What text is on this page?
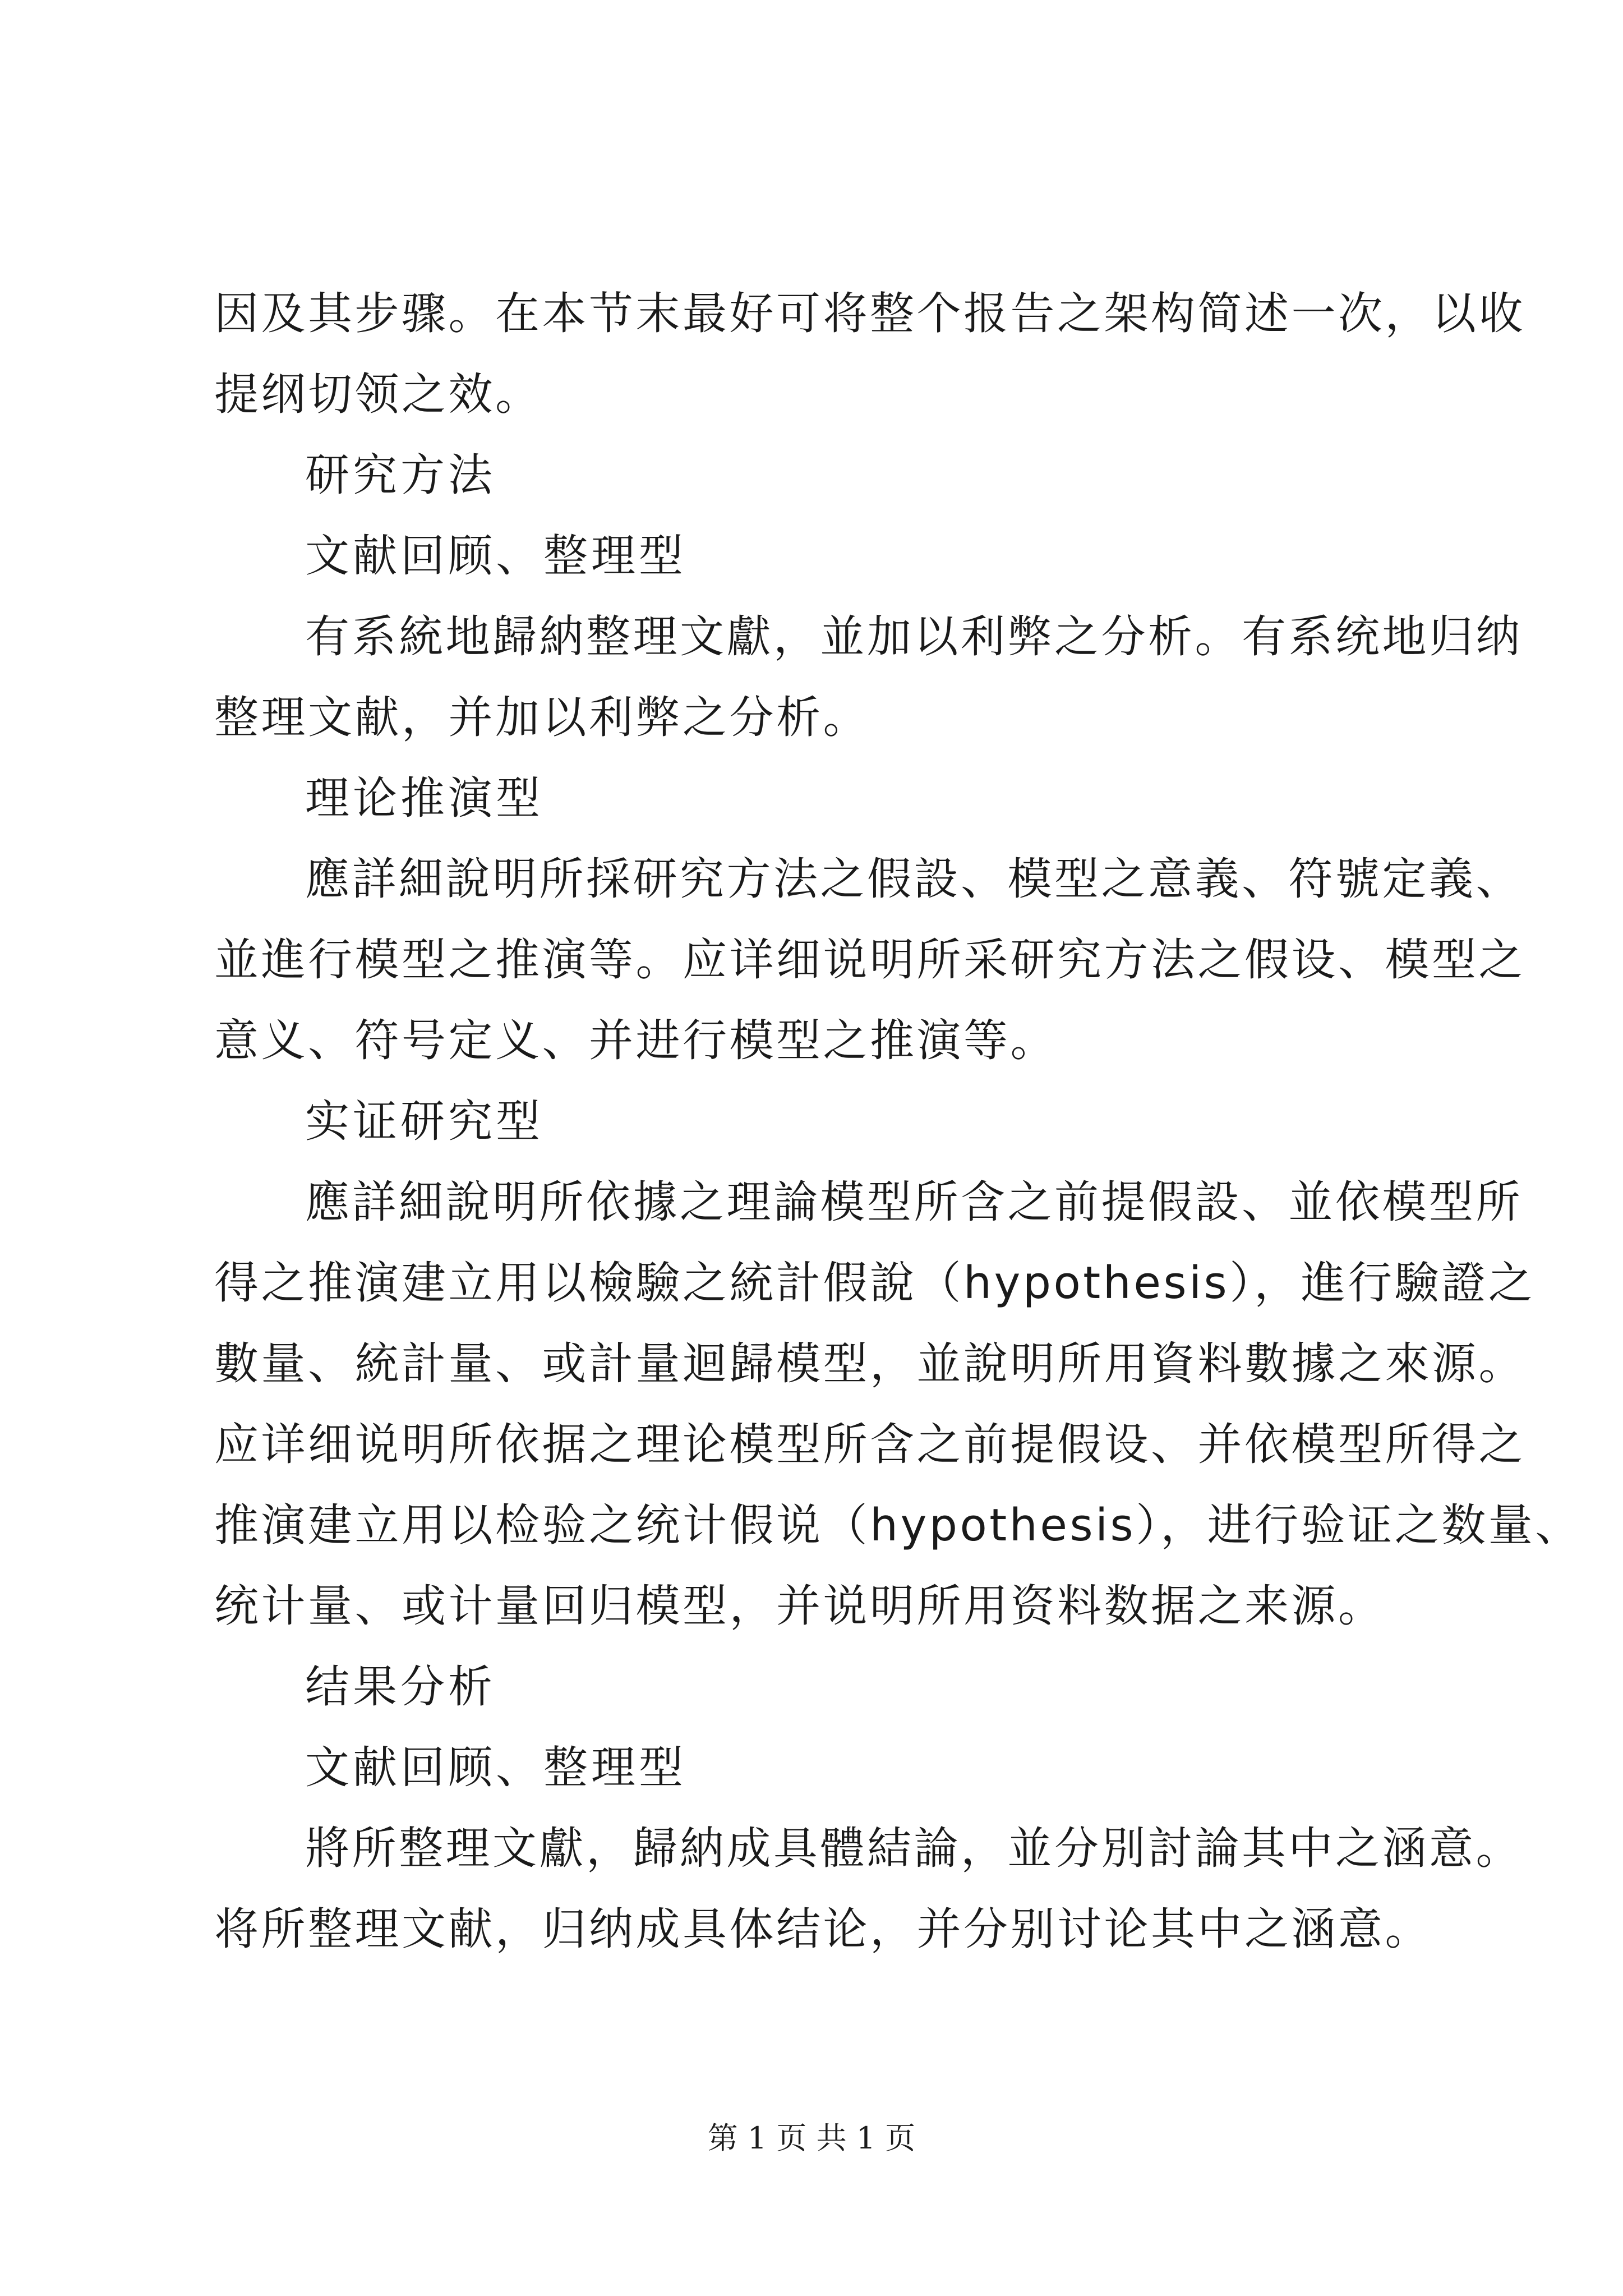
因及其步骤。在本节末最好可将整个报告之架构简述一次，以收
提纲切领之效。
研究方法
文献回顾、整理型
有系統地歸納整理文獻，並加以利弊之分析。有系统地归纳
整理文献，并加以利弊之分析。
理论推演型
應詳細說明所採研究方法之假設、模型之意義、符號定義、
並進行模型之推演等。应详细说明所采研究方法之假设、模型之
意义、符号定义、并进行模型之推演等。
实证研究型
應詳細說明所依據之理論模型所含之前提假設、並依模型所
得之推演建立用以檢驗之統計假說（hypothesis），進行驗證之
數量、統計量、或計量迴歸模型，並說明所用資料數據之來源。
应详细说明所依据之理论模型所含之前提假设、并依模型所得之
推演建立用以检验之统计假说（hypothesis），进行验证之数量、
统计量、或计量回归模型，并说明所用资料数据之来源。
结果分析
文献回顾、整理型
將所整理文獻，歸納成具體結論，並分別討論其中之涵意。
将所整理文献，归纳成具体结论，并分别讨论其中之涵意。
第 1 页 共 1 页
